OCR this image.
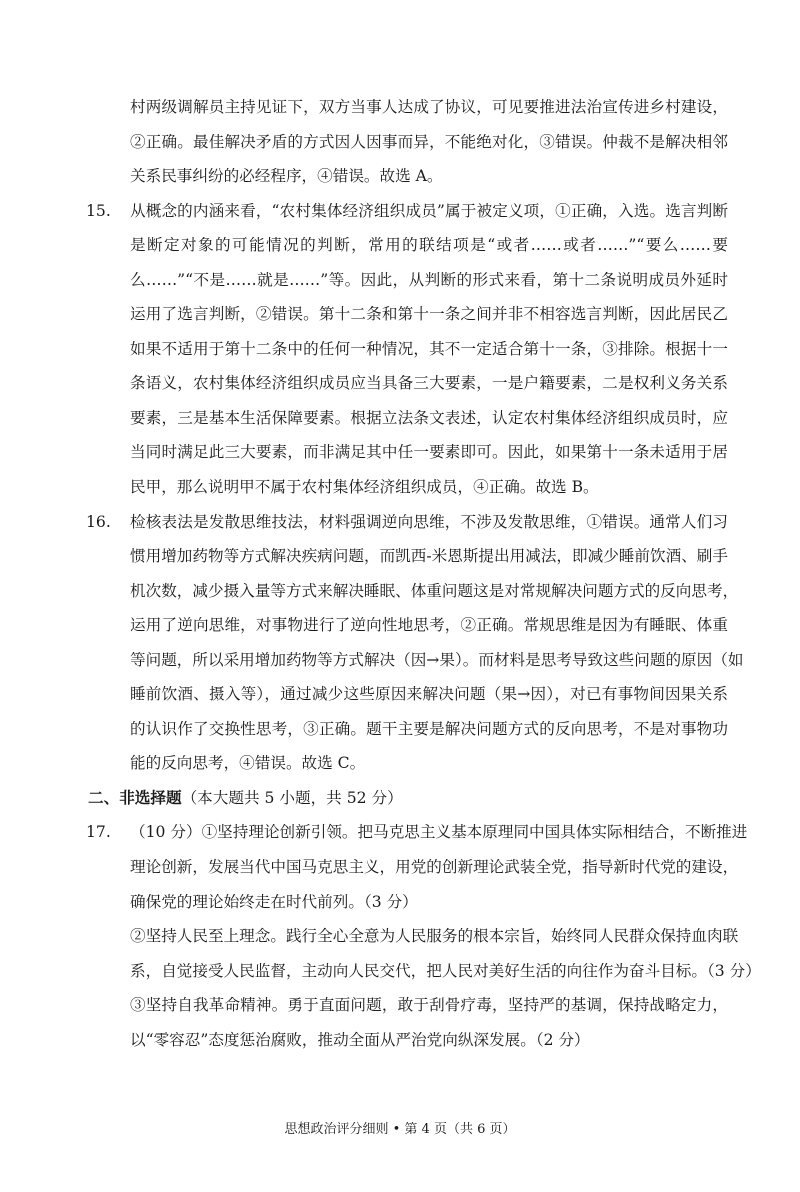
村两级调解员主持见证下，双方当事人达成了协议，可见要推进法治宣传进乡村建设，
②正确。最佳解决矛盾的方式因人因事而异，不能绝对化，③错误。仲裁不是解决相邻
关系民事纠纷的必经程序，④错误。故选 A。
15.	从概念的内涵来看，“农村集体经济组织成员”属于被定义项，①正确，入选。选言判断
是断定对象的可能情况的判断，常用的联结项是“或者……或者……”“要么……要
么……”“不是……就是……”等。因此，从判断的形式来看，第十二条说明成员外延时
运用了选言判断，②错误。第十二条和第十一条之间并非不相容选言判断，因此居民乙
如果不适用于第十二条中的任何一种情况，其不一定适合第十一条，③排除。根据十一
条语义，农村集体经济组织成员应当具备三大要素，一是户籍要素，二是权利义务关系
要素，三是基本生活保障要素。根据立法条文表述，认定农村集体经济组织成员时，应
当同时满足此三大要素，而非满足其中任一要素即可。因此，如果第十一条未适用于居
民甲，那么说明甲不属于农村集体经济组织成员，④正确。故选 B。
16.	检核表法是发散思维技法，材料强调逆向思维，不涉及发散思维，①错误。通常人们习
惯用增加药物等方式解决疾病问题，而凯西-米恩斯提出用减法，即减少睡前饮酒、刷手
机次数，减少摄入量等方式来解决睡眠、体重问题这是对常规解决问题方式的反向思考，
运用了逆向思维，对事物进行了逆向性地思考，②正确。常规思维是因为有睡眠、体重
等问题，所以采用增加药物等方式解决（因→果）。而材料是思考导致这些问题的原因（如
睡前饮酒、摄入等），通过减少这些原因来解决问题（果→因），对已有事物间因果关系
的认识作了交换性思考，③正确。题干主要是解决问题方式的反向思考，不是对事物功
能的反向思考，④错误。故选 C。
二、非选择题（本大题共 5 小题，共 52 分）
17.	（10 分）①坚持理论创新引领。把马克思主义基本原理同中国具体实际相结合，不断推进
理论创新，发展当代中国马克思主义，用党的创新理论武装全党，指导新时代党的建设，
确保党的理论始终走在时代前列。（3 分）
②坚持人民至上理念。践行全心全意为人民服务的根本宗旨，始终同人民群众保持血肉联
系，自觉接受人民监督，主动向人民交代，把人民对美好生活的向往作为奋斗目标。（3 分）
③坚持自我革命精神。勇于直面问题，敢于刮骨疗毒，坚持严的基调，保持战略定力，
以“零容忍”态度惩治腐败，推动全面从严治党向纵深发展。（2 分）
思想政治评分细则 • 第 4 页（共 6 页）
